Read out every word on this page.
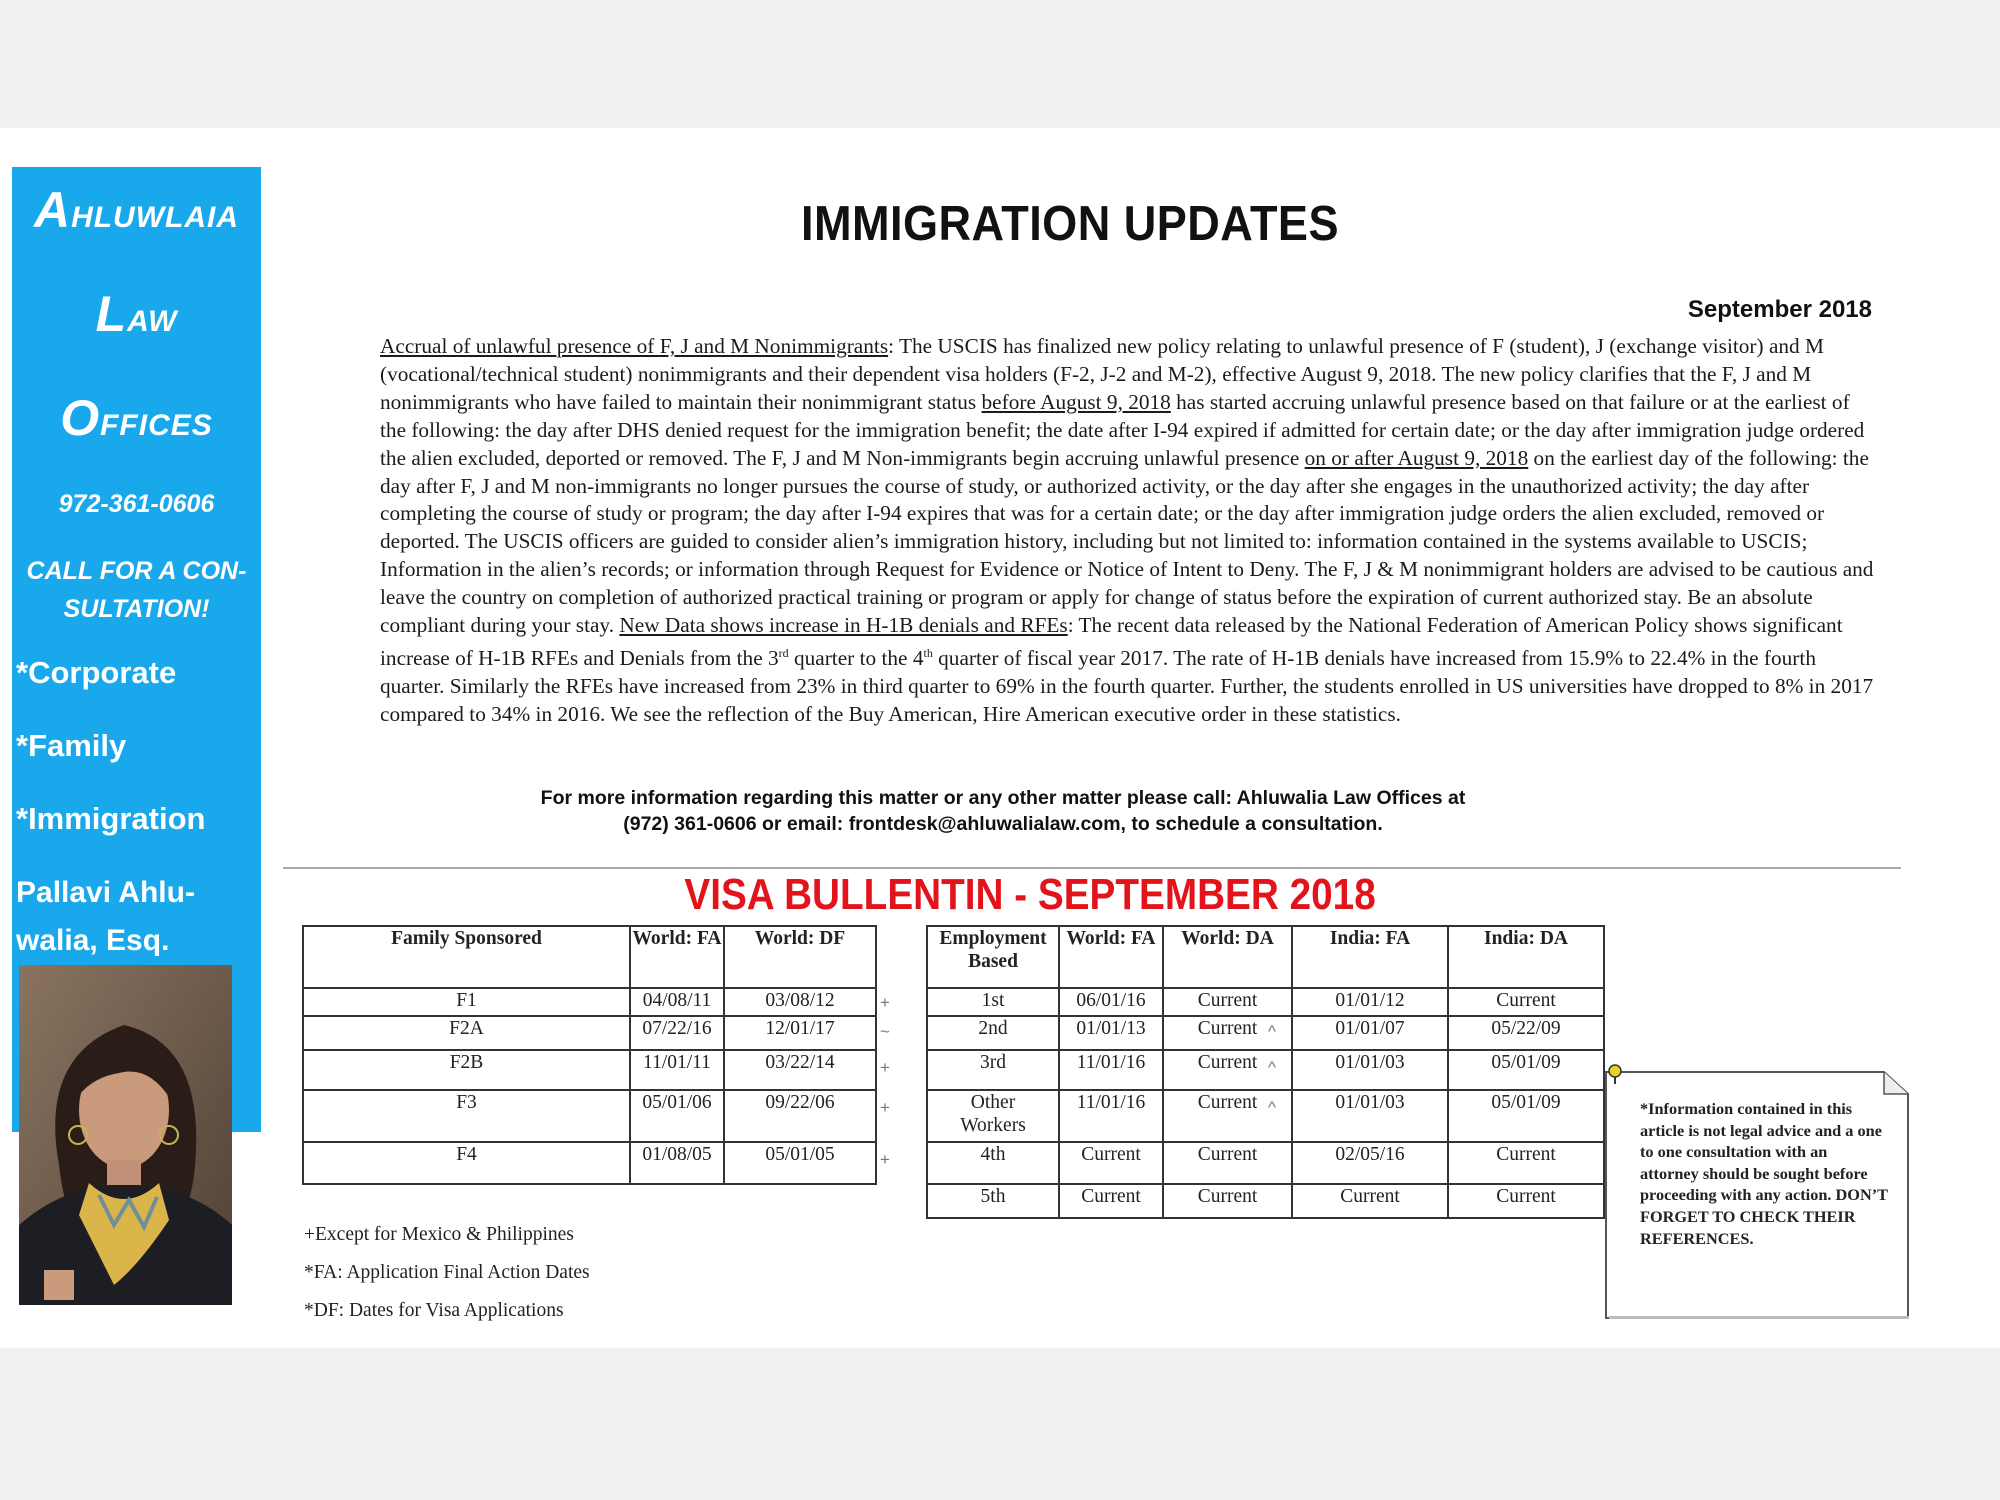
AHLUWLAIA
LAW
OFFICES
972-361-0606
CALL FOR A CON-
SULTATION!
*Corporate
*Family
*Immigration
Pallavi Ahlu-
walia, Esq.
IMMIGRATION UPDATES
September 2018
Accrual of unlawful presence of F, J and M Nonimmigrants: The USCIS has finalized new policy relating to unlawful presence of F (student), J (exchange visitor) and M (vocational/technical student) nonimmigrants and their dependent visa holders (F-2, J-2 and M-2), effective August 9, 2018. The new policy clarifies that the F, J and M nonimmigrants who have failed to maintain their nonimmigrant status before August 9, 2018 has started accruing unlawful presence based on that failure or at the earliest of the following: the day after DHS denied request for the immigration benefit; the date after I-94 expired if admitted for certain date; or the day after immigration judge ordered the alien excluded, deported or removed. The F, J and M Non-immigrants begin accruing unlawful presence on or after August 9, 2018 on the earliest day of the following: the day after F, J and M non-immigrants no longer pursues the course of study, or authorized activity, or the day after she engages in the unauthorized activity; the day after completing the course of study or program; the day after I-94 expires that was for a certain date; or the day after immigration judge orders the alien excluded, removed or deported. The USCIS officers are guided to consider alien’s immigration history, including but not limited to: information contained in the systems available to USCIS; Information in the alien’s records; or information through Request for Evidence or Notice of Intent to Deny. The F, J & M nonimmigrant holders are advised to be cautious and leave the country on completion of authorized practical training or program or apply for change of status before the expiration of current authorized stay. Be an absolute compliant during your stay. New Data shows increase in H-1B denials and RFEs: The recent data released by the National Federation of American Policy shows significant increase of H-1B RFEs and Denials from the 3rd quarter to the 4th quarter of fiscal year 2017. The rate of H-1B denials have increased from 15.9% to 22.4% in the fourth quarter. Similarly the RFEs have increased from 23% in third quarter to 69% in the fourth quarter. Further, the students enrolled in US universities have dropped to 8% in 2017 compared to 34% in 2016. We see the reflection of the Buy American, Hire American executive order in these statistics.
For more information regarding this matter or any other matter please call: Ahluwalia Law Offices at
(972) 361-0606 or email: frontdesk@ahluwalialaw.com, to schedule a consultation.
VISA BULLENTIN - SEPTEMBER 2018
Family Sponsored	World: FA	World: DF
F1	04/08/11	03/08/12
F2A	07/22/16	12/01/17
F2B	11/01/11	03/22/14
F3	05/01/06	09/22/06
F4	01/08/05	05/01/05
+
~
+
+
+
Employment Based	World: FA	World: DA	India: FA	India: DA
1st	06/01/16	Current	01/01/12	Current
2nd	01/01/13	Current	01/01/07	05/22/09
3rd	11/01/16	Current	01/01/03	05/01/09
Other Workers	11/01/16	Current	01/01/03	05/01/09
4th	Current	Current	02/05/16	Current
5th	Current	Current	Current	Current
^
^
^
+Except for Mexico & Philippines
*FA: Application Final Action Dates
*DF: Dates for Visa Applications
*Information contained in this article is not legal advice and a one to one consultation with an attorney should be sought before proceeding with any action. DON’T FORGET TO CHECK THEIR REFERENCES.
